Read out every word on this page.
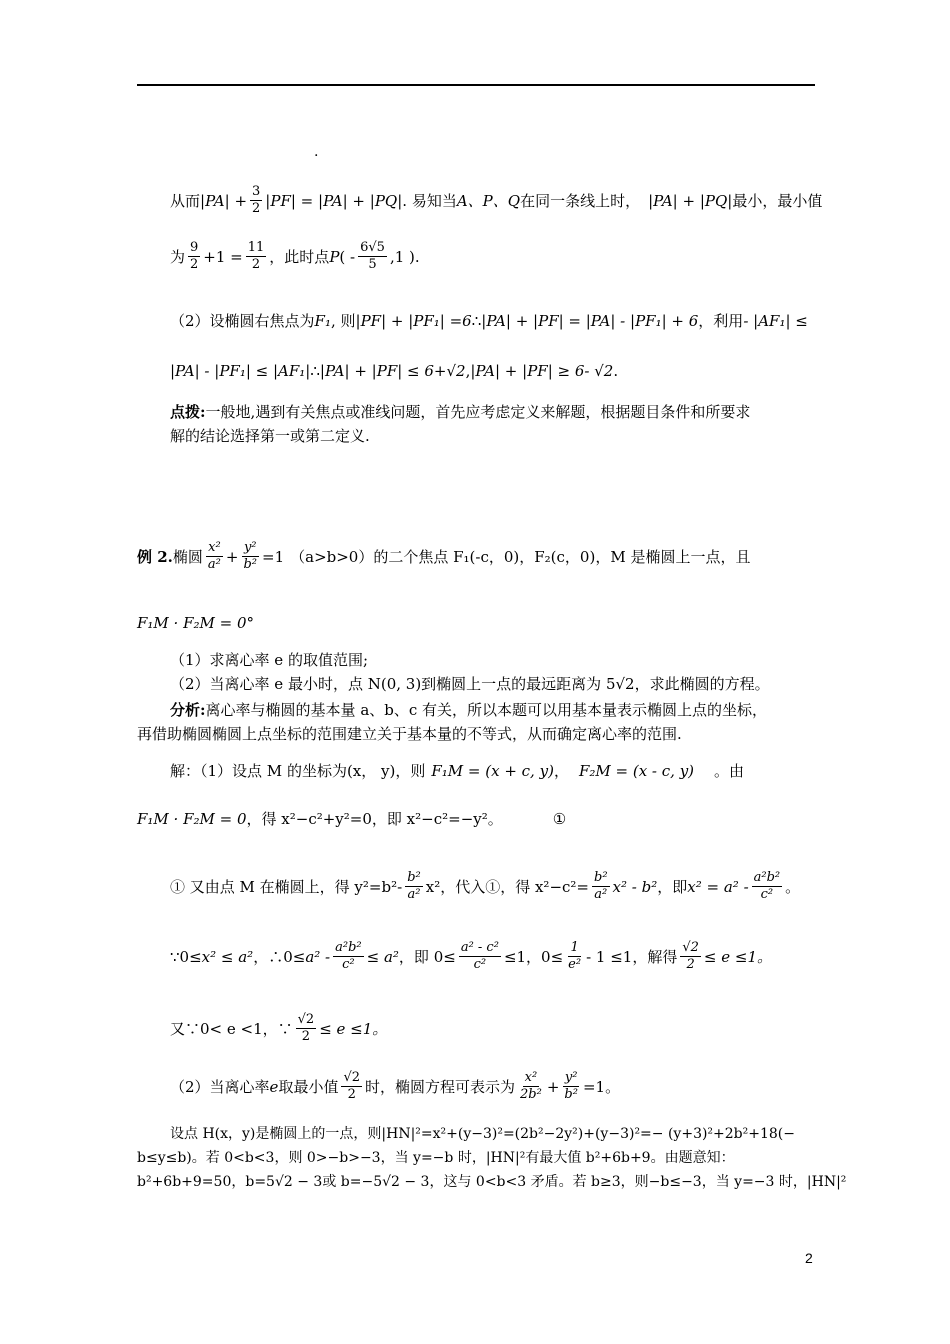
.
从而 $|PA| + \frac{3}{2} |PF| = |PA| + |PQ|$ . 易知当 A、P、Q 在同一条线上时， |PA| + |PQ| 最小，最小值
为 $\frac{9}{2} +1 = \frac{11}{2}$ ，此时点 P ( - $\frac{6√5}{5} ,1$ ).
（2）设椭圆右焦点为 F₁ , 则 |PF| + |PF₁| =6 ∴ |PA| + |PF| = |PA| - |PF₁| + 6 ，利用 - |AF₁| ≤
|PA| - |PF₁| ≤ |AF₁| ∴ |PA| + |PF| ≤ 6+√2 , |PA| + |PF| ≥ 6- √2 .
点拨:一般地,遇到有关焦点或准线问题，首先应考虑定义来解题，根据题目条件和所要求
解的结论选择第一或第二定义.
例 2. 椭圆 $\frac{\text{x²}}{\text{a²}} + \frac{\text{y²}}{\text{b²}} =1$ （a>b>0）的二个焦点 F₁(-c，0)，F₂(c，0)，M 是椭圆上一点，且
F₁M · F₂M = 0°
（1）求离心率 e 的取值范围;
（2）当离心率 e 最小时，点 N(0, 3)到椭圆上一点的最远距离为 5√2，求此椭圆的方程。
分析:离心率与椭圆的基本量 a、b、c 有关，所以本题可以用基本量表示椭圆上点的坐标，
再借助椭圆椭圆上点坐标的范围建立关于基本量的不等式，从而确定离心率的范围.
解：（1）设点 M 的坐标为(x， y)，则 F₁M = (x + c, y) ， F₂M = (x - c, y) 。由
F₁M · F₂M = 0 ，得 x²−c²+y²=0，即 x²−c²=−y²。	①
① 又由点 M 在椭圆上，得 $y^2=b^2 - \frac{\text{b²}}{\text{a²}} x^2$，代入①，得 $x^2-c^2= \frac{\text{b²}}{\text{a²}} x^2 - b^2$ ，即 $x^2 = a^2 - \frac{\text{a²b²}}{\text{c²}}$ 。
∵0≤ x² ≤ a² ，∴0≤ $a^2 - \frac{\text{a²b²}}{\text{c²}} \le a^2$ ，即 $0\le \frac{\text{a² - c²}}{\text{c²}} \le 1$，$0\le \frac{1}{\text{e²}} - 1 \le 1$，解得 $\frac{√2}{2} \le e \le 1$。
又∵0< e <1，∵ $\frac{√2}{2} \le e \le 1$。
（2）当离心率 e 取最小值 $\frac{√2}{2}$ 时，椭圆方程可表示为 $\frac{\text{x²}}{\text{2b²}} + \frac{\text{y²}}{\text{b²}} =1$。
设点 H(x，y)是椭圆上的一点，则|HN|²=x²+(y−3)²=(2b²−2y²)+(y−3)²=− (y+3)²+2b²+18(−
b≤y≤b)。若 0<b<3，则 0>−b>−3，当 y=−b 时，|HN|²有最大值 b²+6b+9。由题意知：
b²+6b+9=50，b=5√2 − 3或 b=−5√2 − 3，这与 0<b<3 矛盾。若 b≥3，则−b≤−3，当 y=−3 时，|HN|²
2
